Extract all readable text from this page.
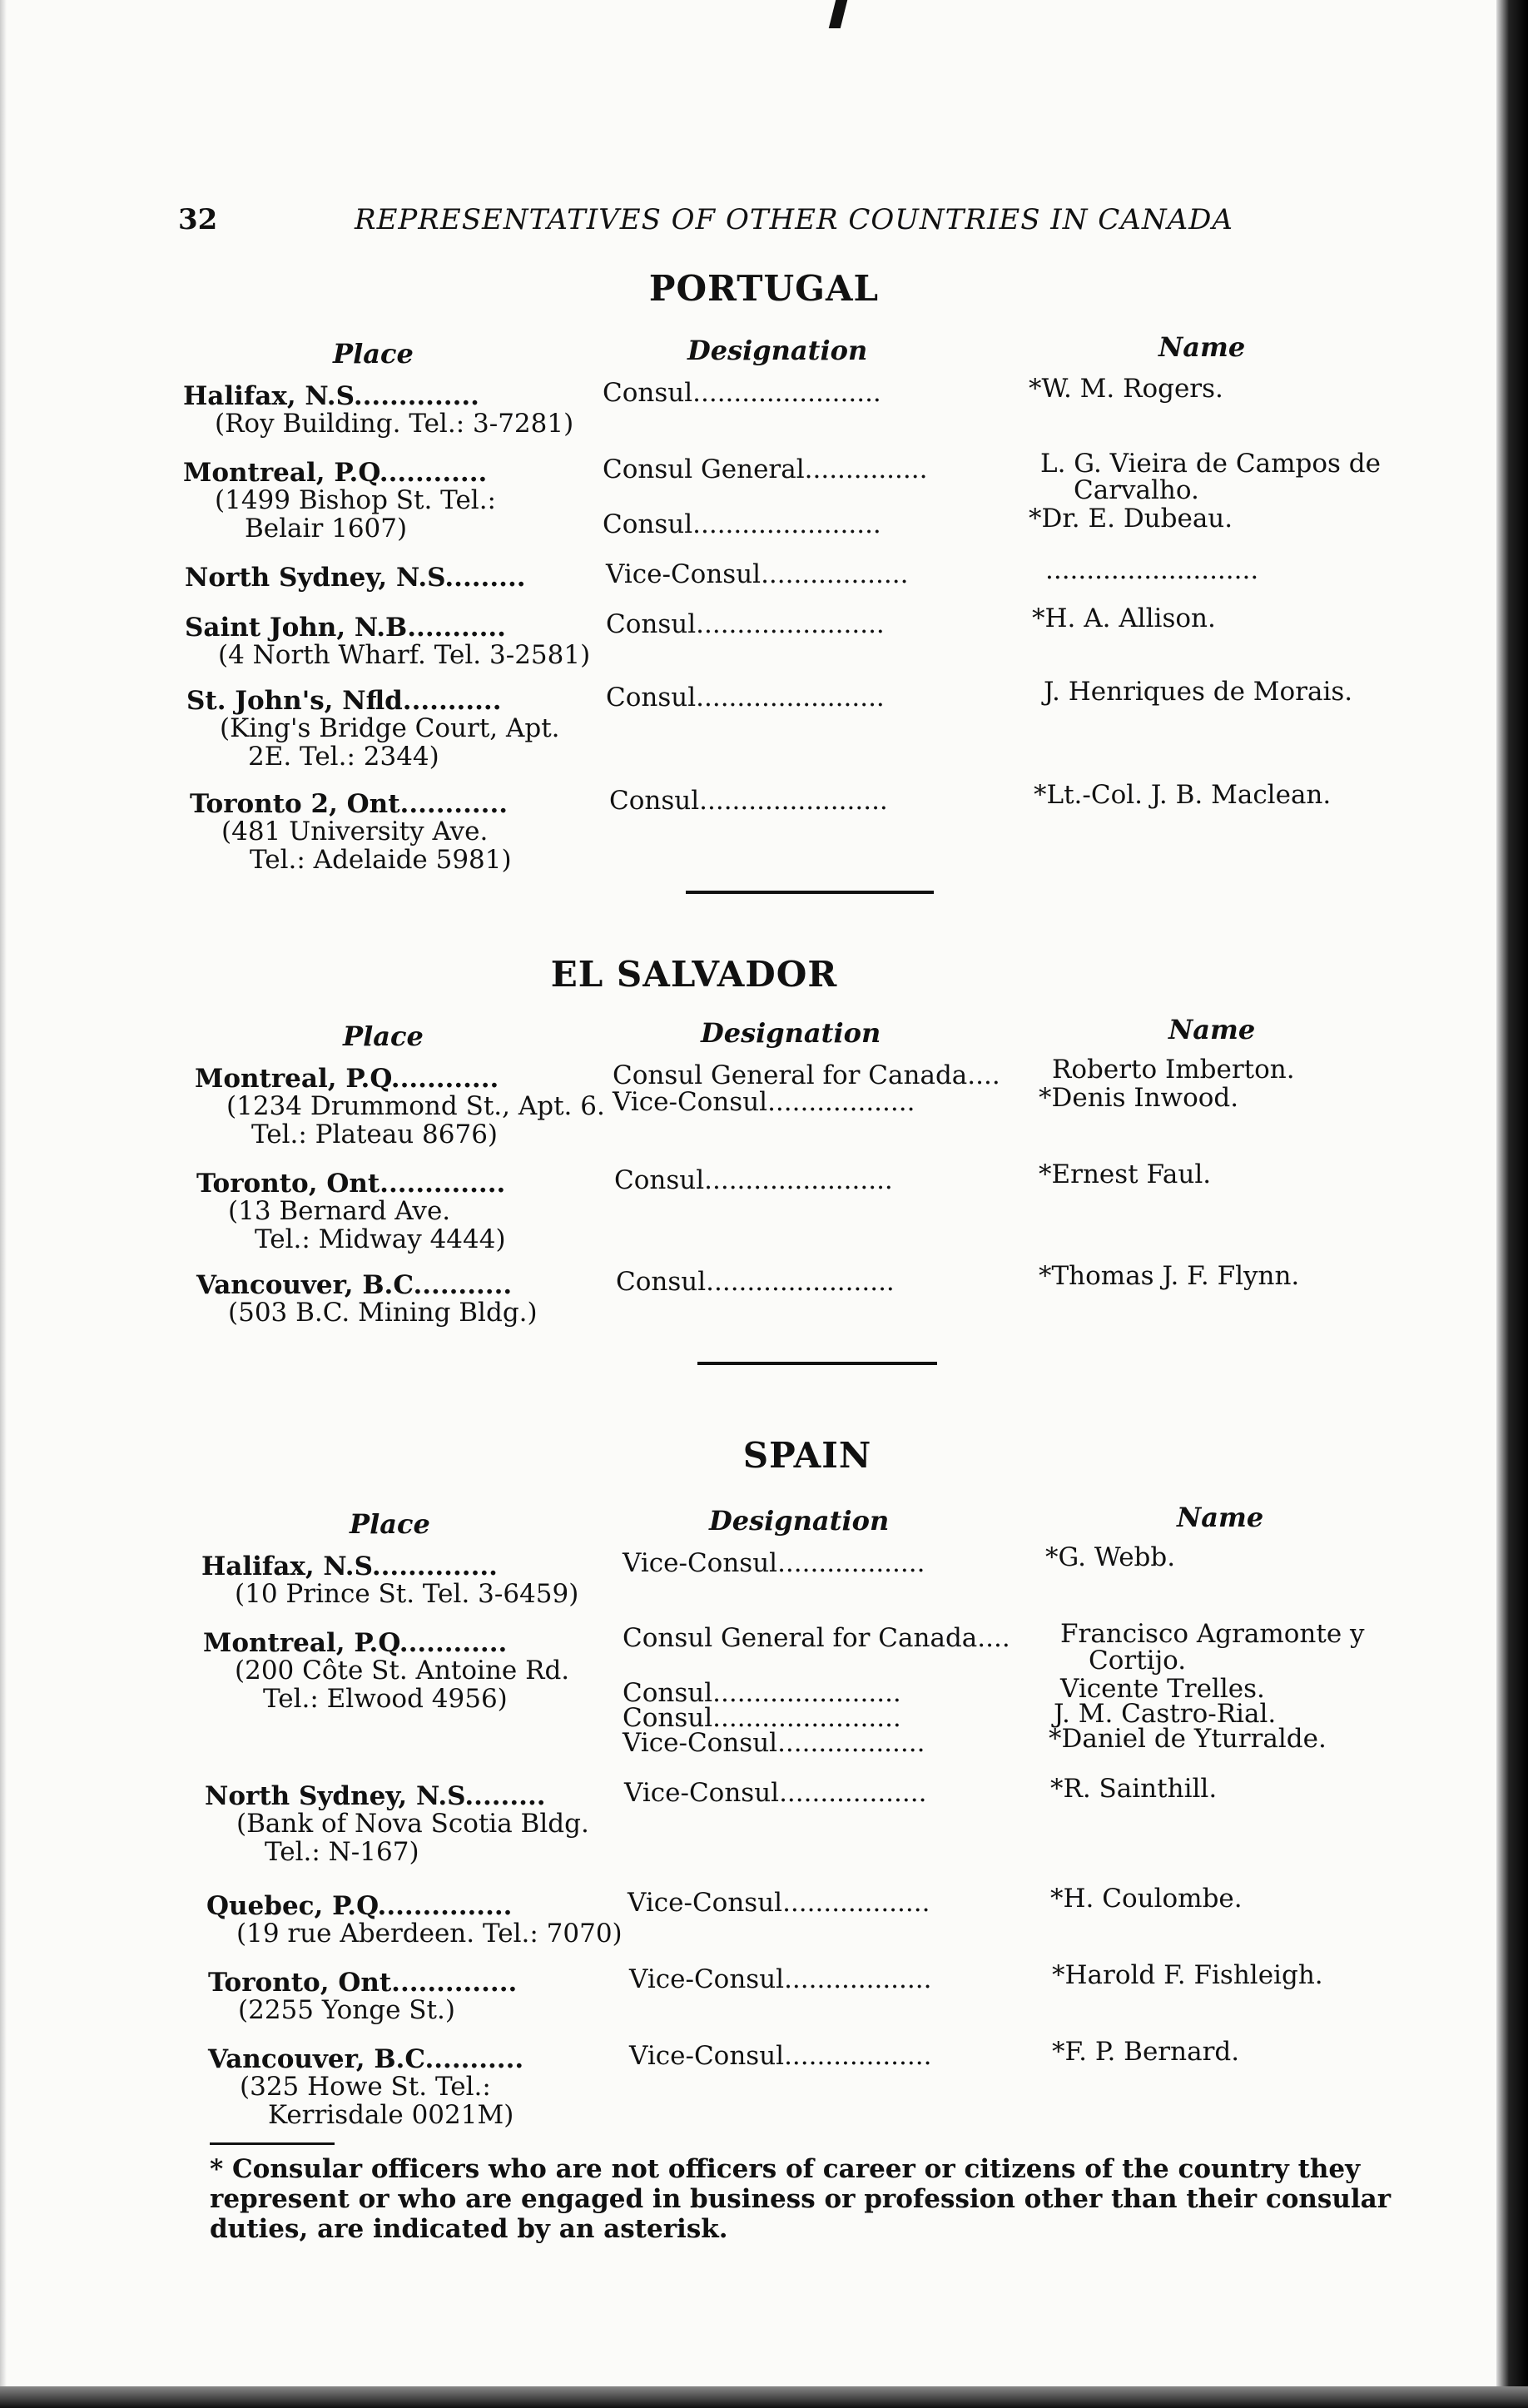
32	REPRESENTATIVES OF OTHER COUNTRIES IN CANADA
PORTUGAL
Place	Designation	Name
Halifax, N.S..............
(Roy Building. Tel.: 3-7281)
Consul.......................	*W. M. Rogers.
Montreal, P.Q............
(1499 Bishop St. Tel.:
Belair 1607)
Consul General...............	L. G. Vieira de Campos de
Carvalho.
Consul.......................	*Dr. E. Dubeau.
North Sydney, N.S.........	Vice-Consul..................	..........................
Saint John, N.B...........
(4 North Wharf. Tel. 3-2581)
Consul.......................	*H. A. Allison.
St. John's, Nfld...........
(King's Bridge Court, Apt.
2E. Tel.: 2344)
Consul.......................	J. Henriques de Morais.
Toronto 2, Ont............
(481 University Ave.
Tel.: Adelaide 5981)
Consul.......................	*Lt.-Col. J. B. Maclean.
EL SALVADOR
Place	Designation	Name
Montreal, P.Q............
(1234 Drummond St., Apt. 6.
Tel.: Plateau 8676)
Consul General for Canada.... Roberto Imberton.
Vice-Consul..................	*Denis Inwood.
Toronto, Ont..............
(13 Bernard Ave.
Tel.: Midway 4444)
Consul.......................	*Ernest Faul.
Vancouver, B.C...........
(503 B.C. Mining Bldg.)
Consul.......................	*Thomas J. F. Flynn.
SPAIN
Place	Designation	Name
Halifax, N.S..............
(10 Prince St. Tel. 3-6459)
Vice-Consul..................	*G. Webb.
Montreal, P.Q............
(200 Côte St. Antoine Rd.
Tel.: Elwood 4956)
Consul General for Canada.... Francisco Agramonte y
Cortijo.
Consul.......................	Vicente Trelles.
Consul.......................	J. M. Castro-Rial.
Vice-Consul..................	*Daniel de Yturralde.
North Sydney, N.S.........
(Bank of Nova Scotia Bldg.
Tel.: N-167)
Vice-Consul..................	*R. Sainthill.
Quebec, P.Q...............
(19 rue Aberdeen. Tel.: 7070)
Vice-Consul..................	*H. Coulombe.
Toronto, Ont..............
(2255 Yonge St.)
Vice-Consul..................	*Harold F. Fishleigh.
Vancouver, B.C...........
(325 Howe St. Tel.:
Kerrisdale 0021M)
Vice-Consul..................	*F. P. Bernard.
* Consular officers who are not officers of career or citizens of the country they represent or who are engaged in business or profession other than their consular duties, are indicated by an asterisk.
